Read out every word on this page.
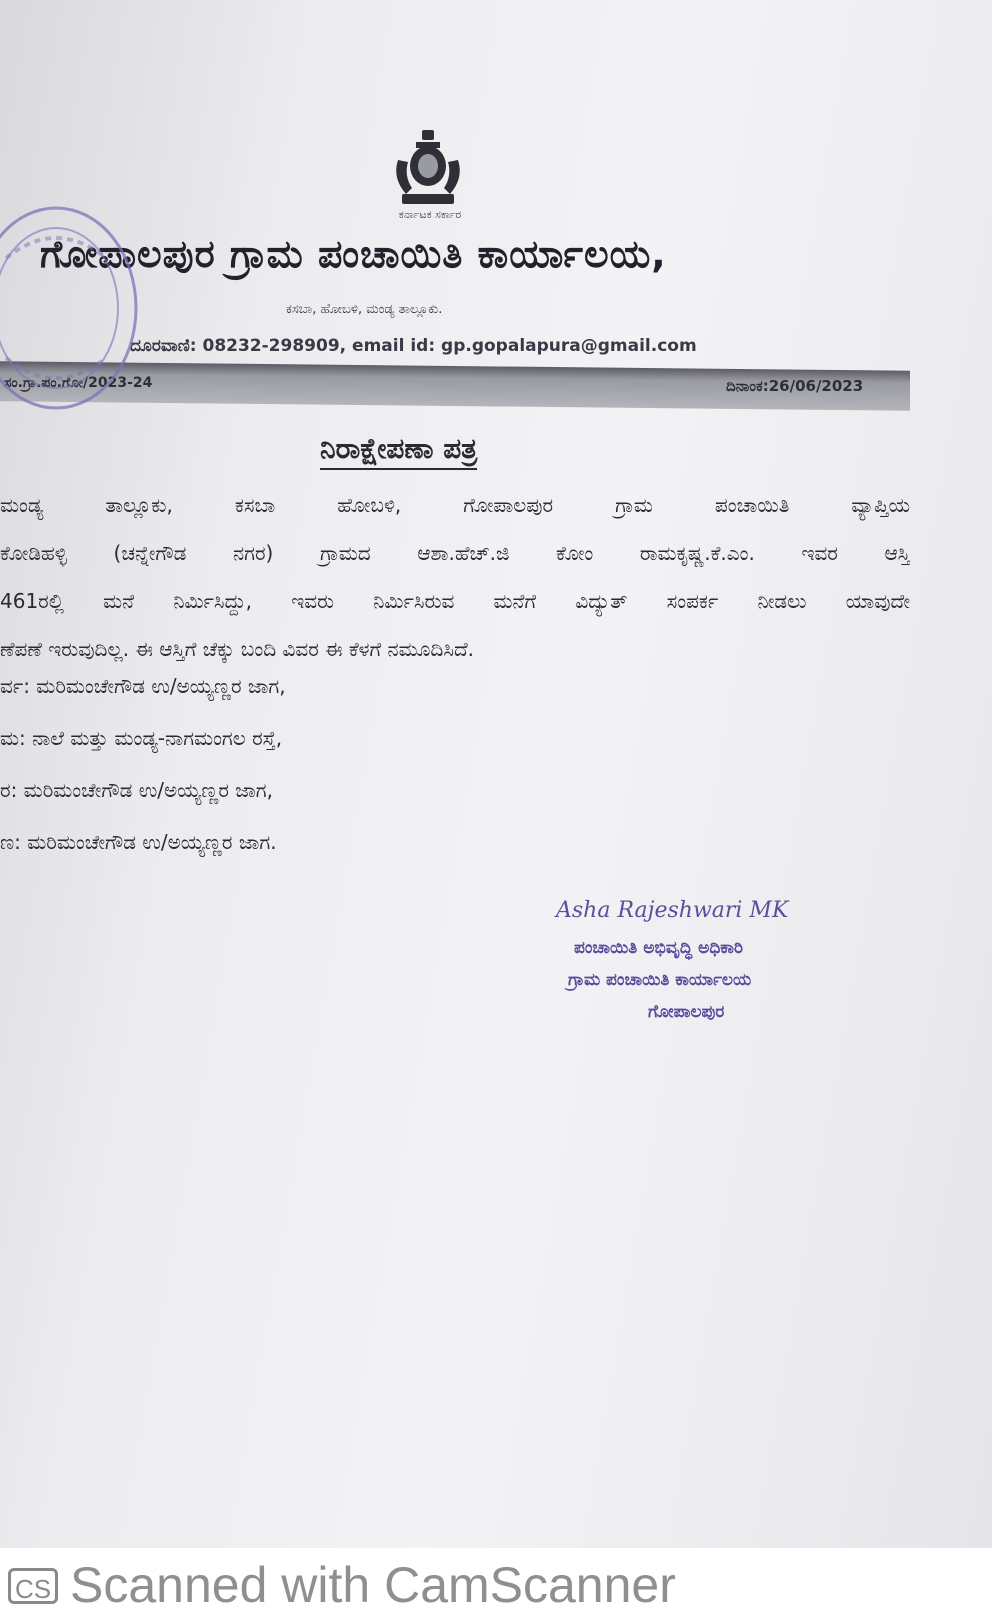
ಕರ್ನಾಟಕ ಸರ್ಕಾರ
ಗೋಪಾಲಪುರ ಗ್ರಾಮ ಪಂಚಾಯಿತಿ ಕಾರ್ಯಾಲಯ,
ಕಸಬಾ, ಹೋಬಳಿ, ಮಂಡ್ಯ ತಾಲ್ಲೂಕು.
ದೂರವಾಣಿ: 08232-298909, email id: gp.gopalapura@gmail.com
ಸಂ.ಗ್ರಾ.ಪಂ.ಗೋ/2023-24	ದಿನಾಂಕ:26/06/2023
ನಿರಾಕ್ಷೇಪಣಾ ಪತ್ರ
ಮಂಡ್ಯ ತಾಲ್ಲೂಕು, ಕಸಬಾ ಹೋಬಳಿ, ಗೋಪಾಲಪುರ ಗ್ರಾಮ ಪಂಚಾಯಿತಿ ವ್ಯಾಪ್ತಿಯ
ಕೋಡಿಹಳ್ಳಿ (ಚನ್ನೇಗೌಡ ನಗರ) ಗ್ರಾಮದ ಆಶಾ.ಹೆಚ್.ಜಿ ಕೋಂ ರಾಮಕೃಷ್ಣ.ಕೆ.ಎಂ. ಇವರ ಆಸ್ತಿ
461ರಲ್ಲಿ ಮನೆ ನಿರ್ಮಿಸಿದ್ದು, ಇವರು ನಿರ್ಮಿಸಿರುವ ಮನೆಗೆ ವಿದ್ಯುತ್ ಸಂಪರ್ಕ ನೀಡಲು ಯಾವುದೇ
ಣೆಪಣೆ ಇರುವುದಿಲ್ಲ. ಈ ಆಸ್ತಿಗೆ ಚೆಕ್ಕು ಬಂದಿ ವಿವರ ಈ ಕೆಳಗೆ ನಮೂದಿಸಿದೆ.
ರ್ವ: ಮರಿಮಂಚೇಗೌಡ ಉ/ಅಯ್ಯಣ್ಣರ ಜಾಗ,
ಮ: ನಾಲೆ ಮತ್ತು ಮಂಡ್ಯ-ನಾಗಮಂಗಲ ರಸ್ತೆ,
ರ: ಮರಿಮಂಚೇಗೌಡ ಉ/ಅಯ್ಯಣ್ಣರ ಜಾಗ,
ಣ: ಮರಿಮಂಚೇಗೌಡ ಉ/ಅಯ್ಯಣ್ಣರ ಜಾಗ.
Asha Rajeshwari MK
ಪಂಚಾಯಿತಿ ಅಭಿವೃದ್ಧಿ ಅಧಿಕಾರಿ
ಗ್ರಾಮ ಪಂಚಾಯಿತಿ ಕಾರ್ಯಾಲಯ
ಗೋಪಾಲಪುರ
CS Scanned with CamScanner
